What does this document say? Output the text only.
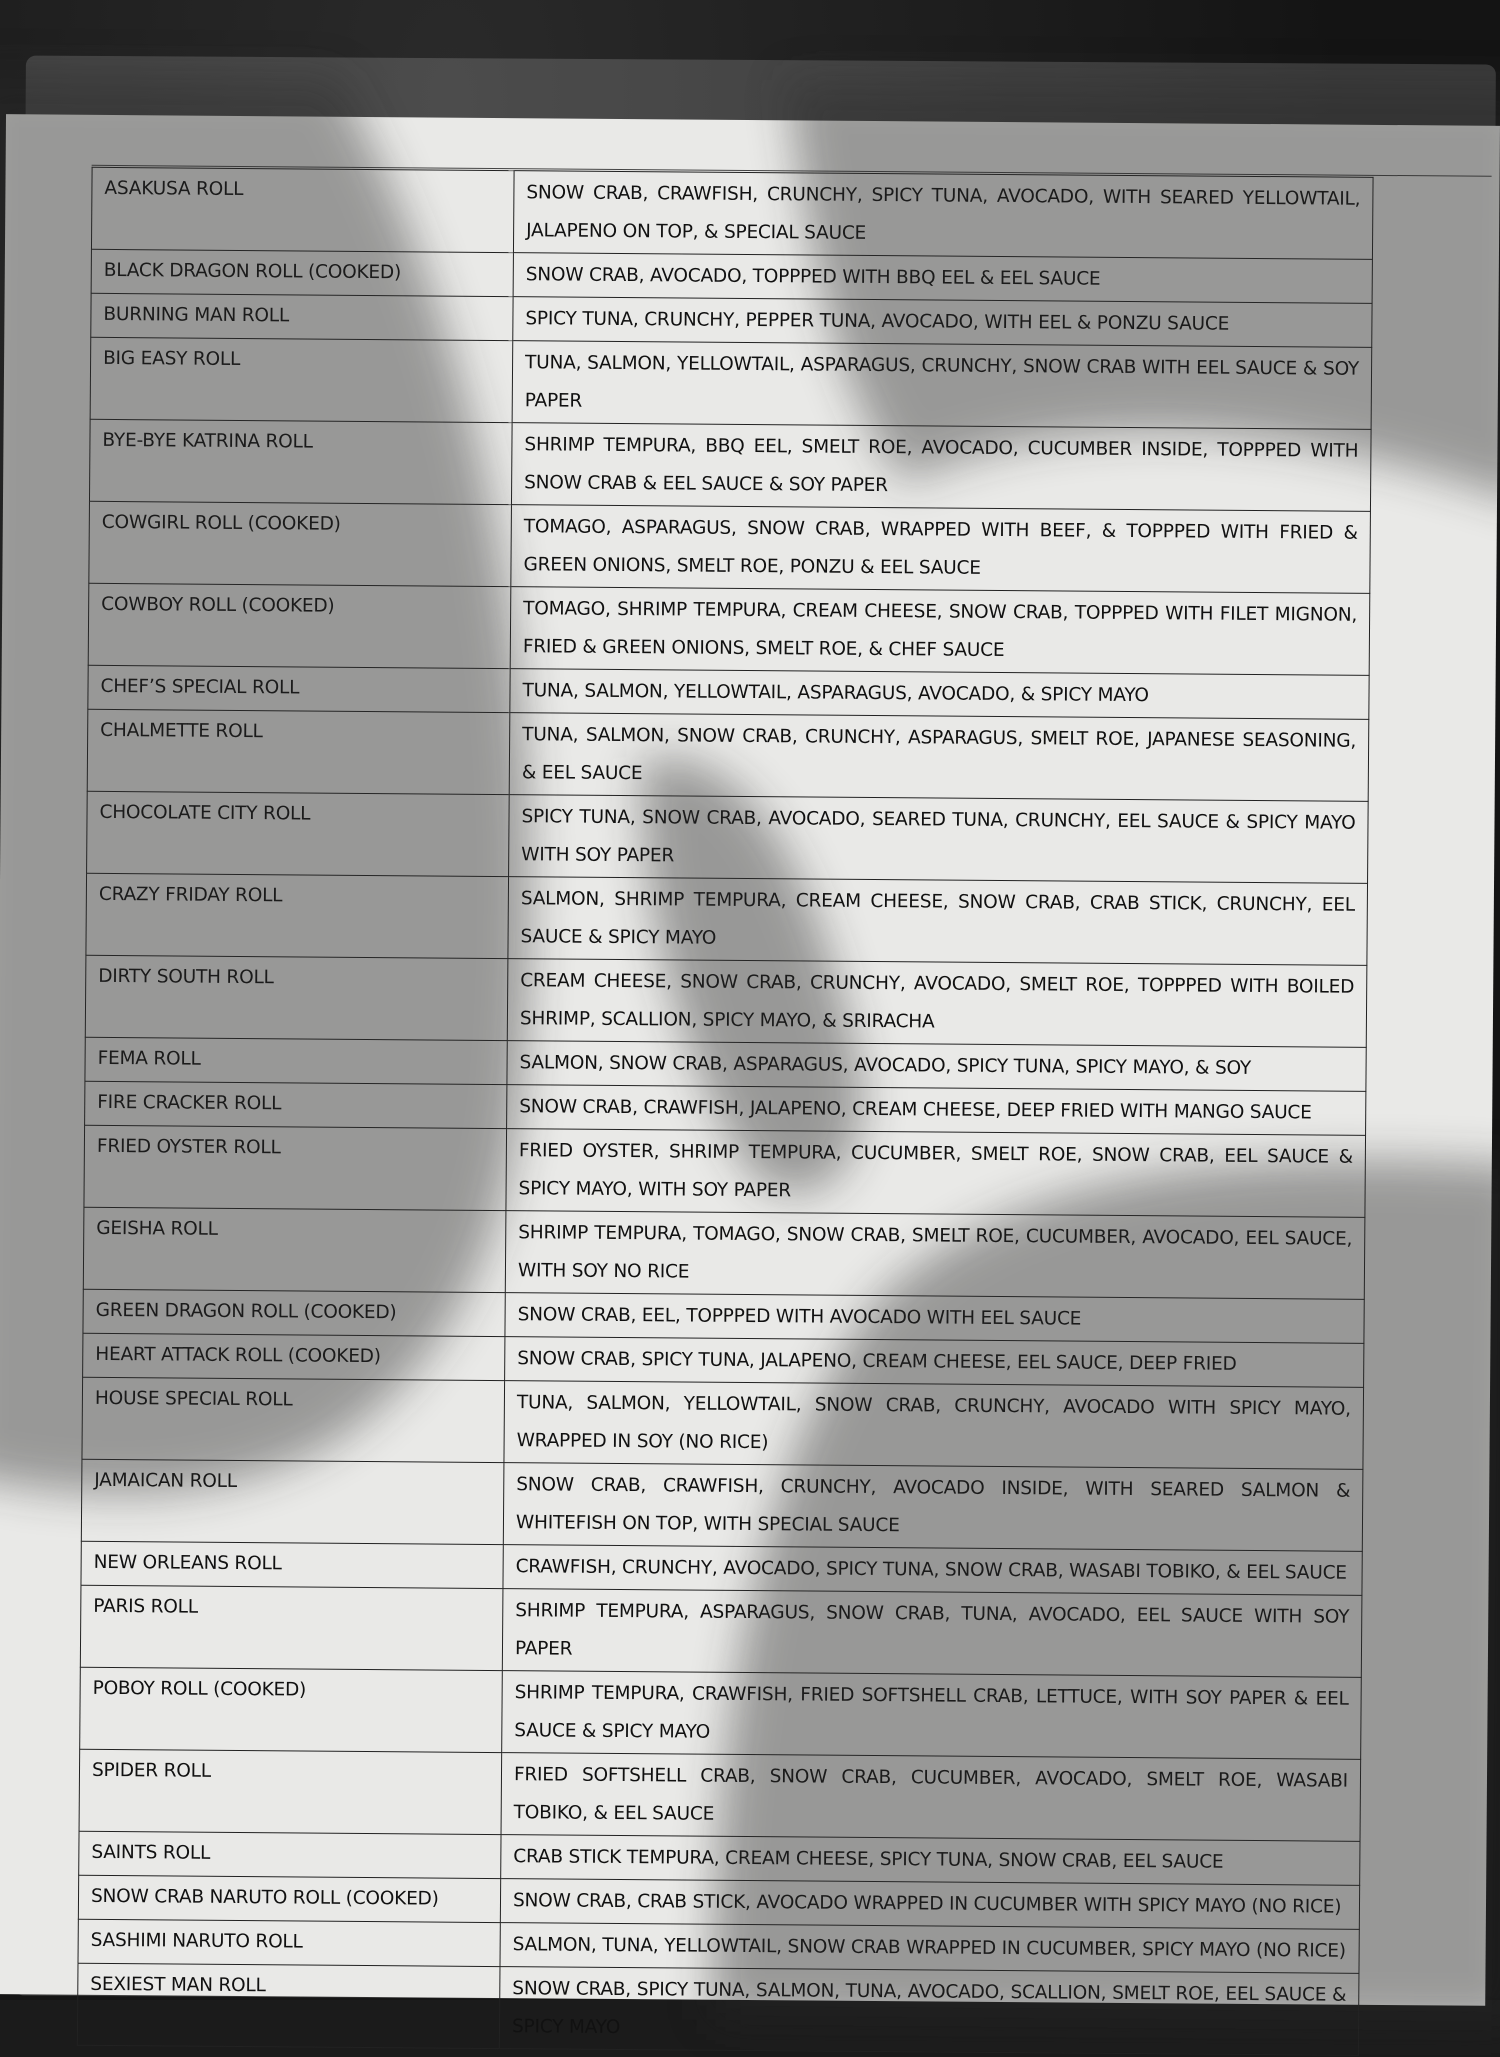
ASAKUSA ROLL	SNOW CRAB, CRAWFISH, CRUNCHY, SPICY TUNA, AVOCADO, WITH SEARED YELLOWTAIL, JALAPENO ON TOP, & SPECIAL SAUCE
BLACK DRAGON ROLL (COOKED)	SNOW CRAB, AVOCADO, TOPPPED WITH BBQ EEL & EEL SAUCE
BURNING MAN ROLL	SPICY TUNA, CRUNCHY, PEPPER TUNA, AVOCADO, WITH EEL & PONZU SAUCE
BIG EASY ROLL	TUNA, SALMON, YELLOWTAIL, ASPARAGUS, CRUNCHY, SNOW CRAB WITH EEL SAUCE & SOY PAPER
BYE-BYE KATRINA ROLL	SHRIMP TEMPURA, BBQ EEL, SMELT ROE, AVOCADO, CUCUMBER INSIDE, TOPPPED WITH SNOW CRAB & EEL SAUCE & SOY PAPER
COWGIRL ROLL (COOKED)	TOMAGO, ASPARAGUS, SNOW CRAB, WRAPPED WITH BEEF, & TOPPPED WITH FRIED & GREEN ONIONS, SMELT ROE, PONZU & EEL SAUCE
COWBOY ROLL (COOKED)	TOMAGO, SHRIMP TEMPURA, CREAM CHEESE, SNOW CRAB, TOPPPED WITH FILET MIGNON, FRIED & GREEN ONIONS, SMELT ROE, & CHEF SAUCE
CHEF’S SPECIAL ROLL	TUNA, SALMON, YELLOWTAIL, ASPARAGUS, AVOCADO, & SPICY MAYO
CHALMETTE ROLL	TUNA, SALMON, SNOW CRAB, CRUNCHY, ASPARAGUS, SMELT ROE, JAPANESE SEASONING, & EEL SAUCE
CHOCOLATE CITY ROLL	SPICY TUNA, SNOW CRAB, AVOCADO, SEARED TUNA, CRUNCHY, EEL SAUCE & SPICY MAYO WITH SOY PAPER
CRAZY FRIDAY ROLL	SALMON, SHRIMP TEMPURA, CREAM CHEESE, SNOW CRAB, CRAB STICK, CRUNCHY, EEL SAUCE & SPICY MAYO
DIRTY SOUTH ROLL	CREAM CHEESE, SNOW CRAB, CRUNCHY, AVOCADO, SMELT ROE, TOPPPED WITH BOILED SHRIMP, SCALLION, SPICY MAYO, & SRIRACHA
FEMA ROLL	SALMON, SNOW CRAB, ASPARAGUS, AVOCADO, SPICY TUNA, SPICY MAYO, & SOY
FIRE CRACKER ROLL	SNOW CRAB, CRAWFISH, JALAPENO, CREAM CHEESE, DEEP FRIED WITH MANGO SAUCE
FRIED OYSTER ROLL	FRIED OYSTER, SHRIMP TEMPURA, CUCUMBER, SMELT ROE, SNOW CRAB, EEL SAUCE & SPICY MAYO, WITH SOY PAPER
GEISHA ROLL	SHRIMP TEMPURA, TOMAGO, SNOW CRAB, SMELT ROE, CUCUMBER, AVOCADO, EEL SAUCE, WITH SOY NO RICE
GREEN DRAGON ROLL (COOKED)	SNOW CRAB, EEL, TOPPPED WITH AVOCADO WITH EEL SAUCE
HEART ATTACK ROLL (COOKED)	SNOW CRAB, SPICY TUNA, JALAPENO, CREAM CHEESE, EEL SAUCE, DEEP FRIED
HOUSE SPECIAL ROLL	TUNA, SALMON, YELLOWTAIL, SNOW CRAB, CRUNCHY, AVOCADO WITH SPICY MAYO, WRAPPED IN SOY (NO RICE)
JAMAICAN ROLL	SNOW CRAB, CRAWFISH, CRUNCHY, AVOCADO INSIDE, WITH SEARED SALMON & WHITEFISH ON TOP, WITH SPECIAL SAUCE
NEW ORLEANS ROLL	CRAWFISH, CRUNCHY, AVOCADO, SPICY TUNA, SNOW CRAB, WASABI TOBIKO, & EEL SAUCE
PARIS ROLL	SHRIMP TEMPURA, ASPARAGUS, SNOW CRAB, TUNA, AVOCADO, EEL SAUCE WITH SOY PAPER
POBOY ROLL (COOKED)	SHRIMP TEMPURA, CRAWFISH, FRIED SOFTSHELL CRAB, LETTUCE, WITH SOY PAPER & EEL SAUCE & SPICY MAYO
SPIDER ROLL	FRIED SOFTSHELL CRAB, SNOW CRAB, CUCUMBER, AVOCADO, SMELT ROE, WASABI TOBIKO, & EEL SAUCE
SAINTS ROLL	CRAB STICK TEMPURA, CREAM CHEESE, SPICY TUNA, SNOW CRAB, EEL SAUCE
SNOW CRAB NARUTO ROLL (COOKED)	SNOW CRAB, CRAB STICK, AVOCADO WRAPPED IN CUCUMBER WITH SPICY MAYO (NO RICE)
SASHIMI NARUTO ROLL	SALMON, TUNA, YELLOWTAIL, SNOW CRAB WRAPPED IN CUCUMBER, SPICY MAYO (NO RICE)
SEXIEST MAN ROLL	SNOW CRAB, SPICY TUNA, SALMON, TUNA, AVOCADO, SCALLION, SMELT ROE, EEL SAUCE & SPICY MAYO
